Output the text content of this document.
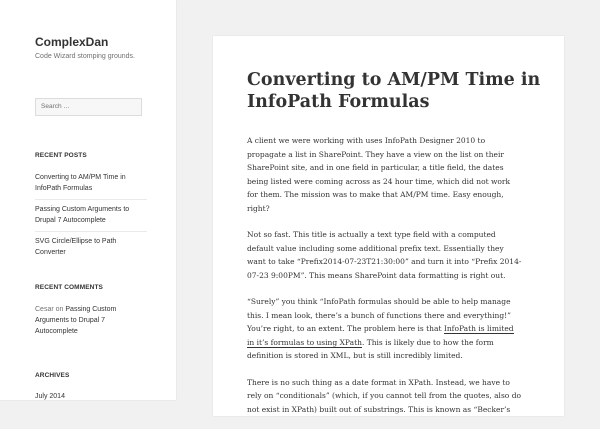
ComplexDan
Code Wizard stomping grounds.
Search …
RECENT POSTS
Converting to AM/PM Time in InfoPath Formulas
Passing Custom Arguments to Drupal 7 Autocomplete
SVG Circle/Ellipse to Path Converter
RECENT COMMENTS
Cesar on Passing Custom Arguments to Drupal 7 Autocomplete
ARCHIVES
July 2014
Converting to AM/PM Time in InfoPath Formulas

A client we were working with uses InfoPath Designer 2010 to propagate a list in SharePoint. They have a view on the list on their SharePoint site, and in one field in particular, a title field, the dates being listed were coming across as 24 hour time, which did not work for them. The mission was to make that AM/PM time. Easy enough, right?

Not so fast. This title is actually a text type field with a computed default value including some additional prefix text. Essentially they want to take “Prefix2014-07-23T21:30:00” and turn it into “Prefix 2014-07-23 9:00PM”. This means SharePoint data formatting is right out.

“Surely” you think “InfoPath formulas should be able to help manage this. I mean look, there’s a bunch of functions there and everything!” You’re right, to an extent. The problem here is that InfoPath is limited in it’s formulas to using XPath. This is likely due to how the form definition is stored in XML, but is still incredibly limited.

There is no such thing as a date format in XPath. Instead, we have to rely on “conditionals” (which, if you cannot tell from the quotes, also do not exist in XPath) built out of substrings. This is known as “Becker’s
